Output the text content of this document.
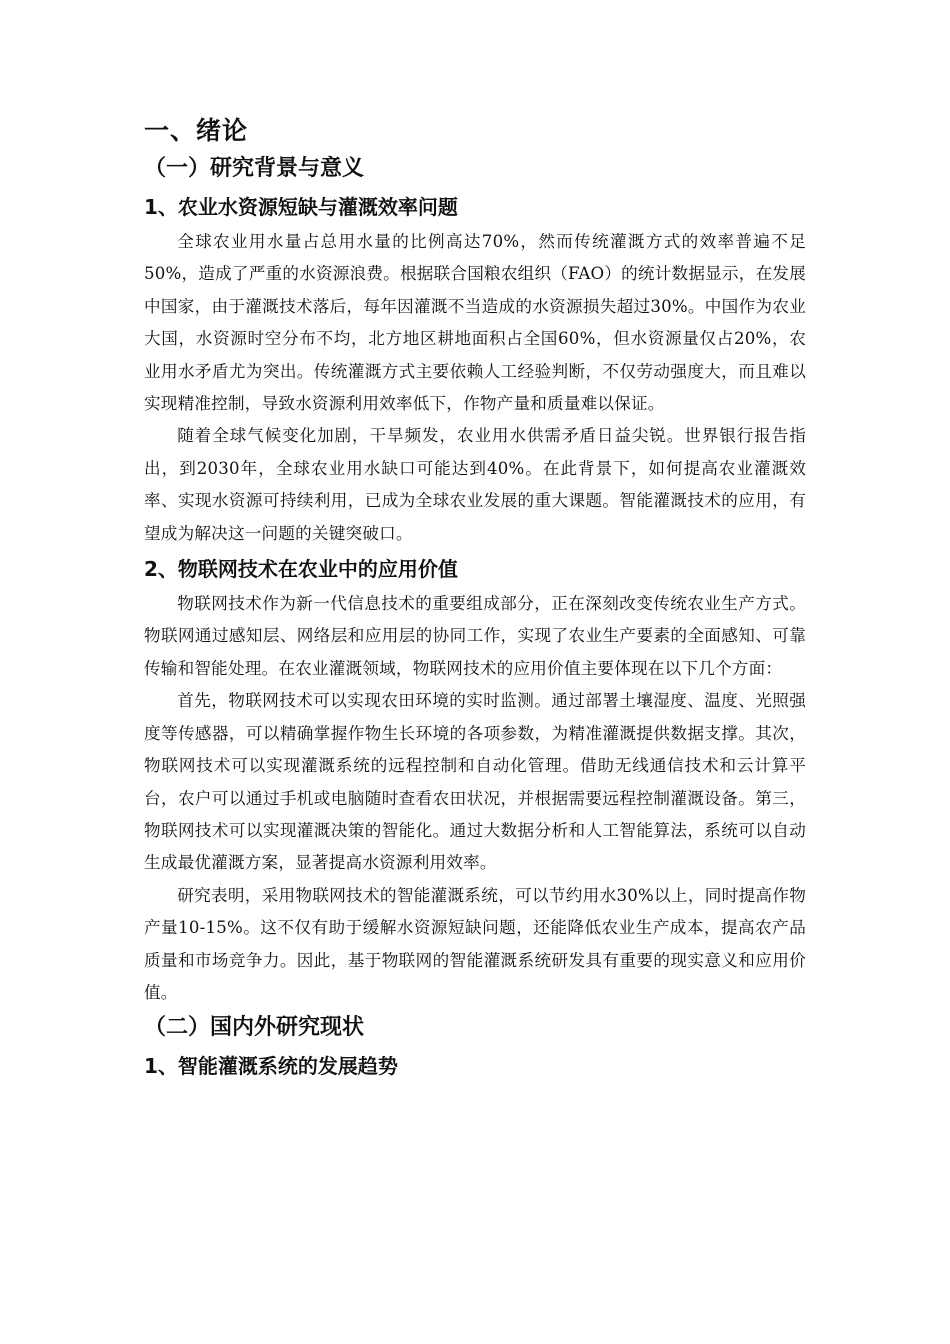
一、绪论
（一）研究背景与意义
1、农业水资源短缺与灌溉效率问题

全球农业用水量占总用水量的比例高达70%，然而传统灌溉方式的效率普遍不足50%，造成了严重的水资源浪费。根据联合国粮农组织（FAO）的统计数据显示，在发展中国家，由于灌溉技术落后，每年因灌溉不当造成的水资源损失超过30%。中国作为农业大国，水资源时空分布不均，北方地区耕地面积占全国60%，但水资源量仅占20%，农业用水矛盾尤为突出。传统灌溉方式主要依赖人工经验判断，不仅劳动强度大，而且难以实现精准控制，导致水资源利用效率低下，作物产量和质量难以保证。

随着全球气候变化加剧，干旱频发，农业用水供需矛盾日益尖锐。世界银行报告指出，到2030年，全球农业用水缺口可能达到40%。在此背景下，如何提高农业灌溉效率、实现水资源可持续利用，已成为全球农业发展的重大课题。智能灌溉技术的应用，有望成为解决这一问题的关键突破口。

2、物联网技术在农业中的应用价值

物联网技术作为新一代信息技术的重要组成部分，正在深刻改变传统农业生产方式。物联网通过感知层、网络层和应用层的协同工作，实现了农业生产要素的全面感知、可靠传输和智能处理。在农业灌溉领域，物联网技术的应用价值主要体现在以下几个方面：

首先，物联网技术可以实现农田环境的实时监测。通过部署土壤湿度、温度、光照强度等传感器，可以精确掌握作物生长环境的各项参数，为精准灌溉提供数据支撑。其次，物联网技术可以实现灌溉系统的远程控制和自动化管理。借助无线通信技术和云计算平台，农户可以通过手机或电脑随时查看农田状况，并根据需要远程控制灌溉设备。第三，物联网技术可以实现灌溉决策的智能化。通过大数据分析和人工智能算法，系统可以自动生成最优灌溉方案，显著提高水资源利用效率。

研究表明，采用物联网技术的智能灌溉系统，可以节约用水30%以上，同时提高作物产量10-15%。这不仅有助于缓解水资源短缺问题，还能降低农业生产成本，提高农产品质量和市场竞争力。因此，基于物联网的智能灌溉系统研发具有重要的现实意义和应用价值。

（二）国内外研究现状
1、智能灌溉系统的发展趋势
